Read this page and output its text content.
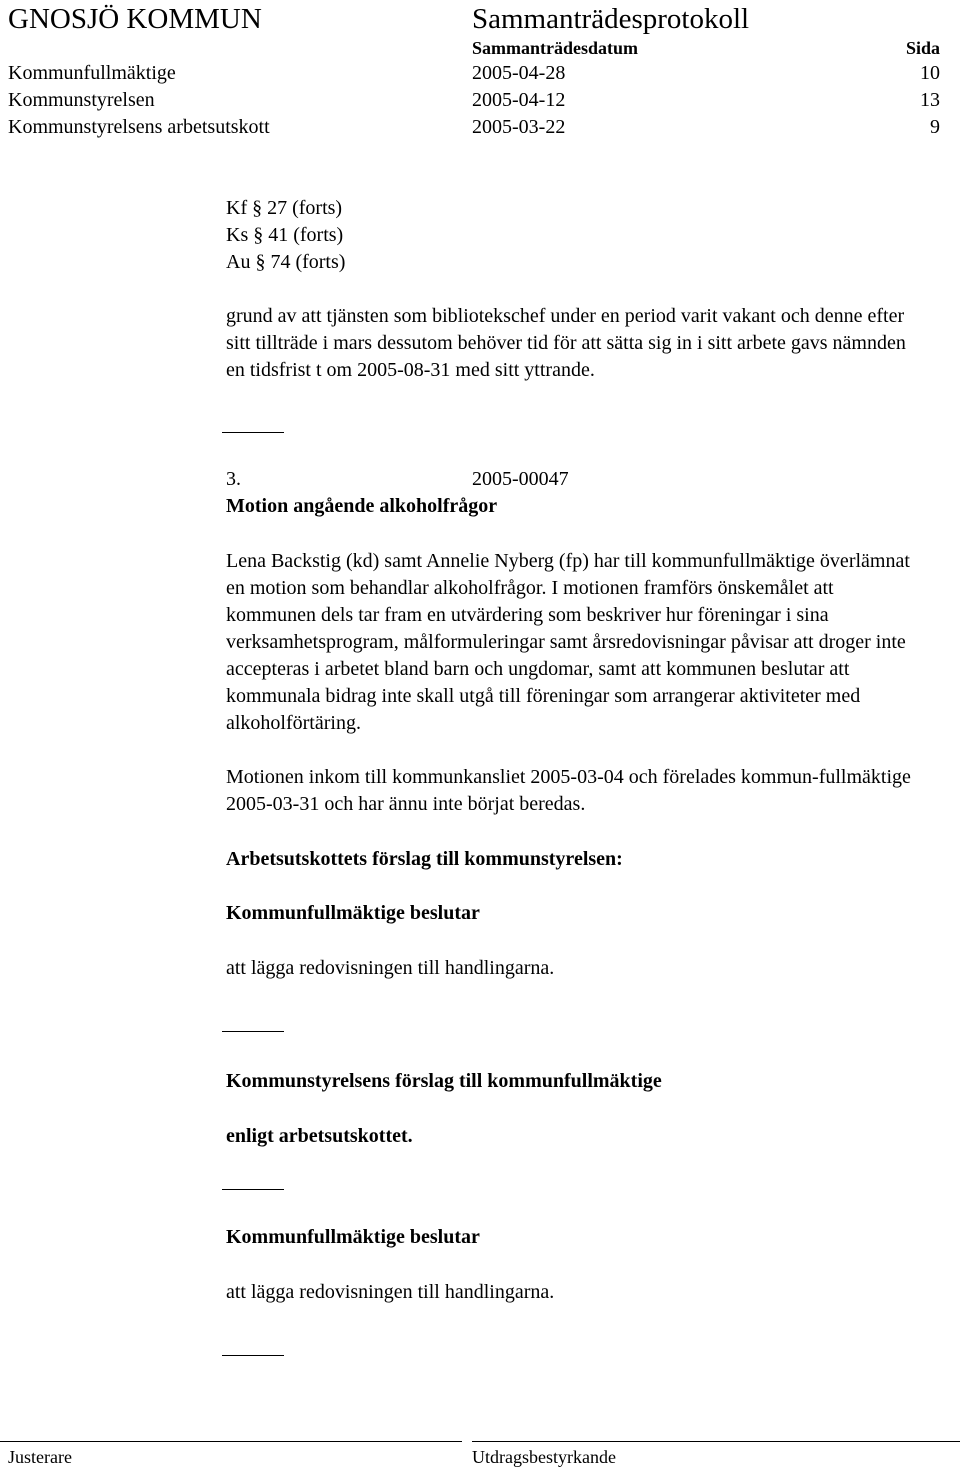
GNOSJÖ KOMMUN	Sammanträdesprotokoll
Sammanträdesdatum	Sida
Kommunfullmäktige	2005-04-28	10
Kommunstyrelsen	2005-04-12	13
Kommunstyrelsens arbetsutskott	2005-03-22	9
Kf § 27 (forts)
Ks § 41 (forts)
Au § 74 (forts)

grund av att tjänsten som bibliotekschef under en period varit vakant och denne efter sitt tillträde i mars dessutom behöver tid för att sätta sig in i sitt arbete gavs nämnden en tidsfrist t om 2005-08-31 med sitt yttrande.

3.	2005-00047
Motion angående alkoholfrågor

Lena Backstig (kd) samt Annelie Nyberg (fp) har till kommunfullmäktige överlämnat en motion som behandlar alkoholfrågor. I motionen framförs önskemålet att kommunen dels tar fram en utvärdering som beskriver hur föreningar i sina verksamhetsprogram, målformuleringar samt årsredovisningar påvisar att droger inte accepteras i arbetet bland barn och ungdomar, samt att kommunen beslutar att kommunala bidrag inte skall utgå till föreningar som arrangerar aktiviteter med alkoholförtäring.

Motionen inkom till kommunkansliet 2005-03-04 och förelades kommun-fullmäktige 2005-03-31 och har ännu inte börjat beredas.

Arbetsutskottets förslag till kommunstyrelsen:
Kommunfullmäktige beslutar
att lägga redovisningen till handlingarna.
Kommunstyrelsens förslag till kommunfullmäktige
enligt arbetsutskottet.
Kommunfullmäktige beslutar
att lägga redovisningen till handlingarna.
Justerare	Utdragsbestyrkande
